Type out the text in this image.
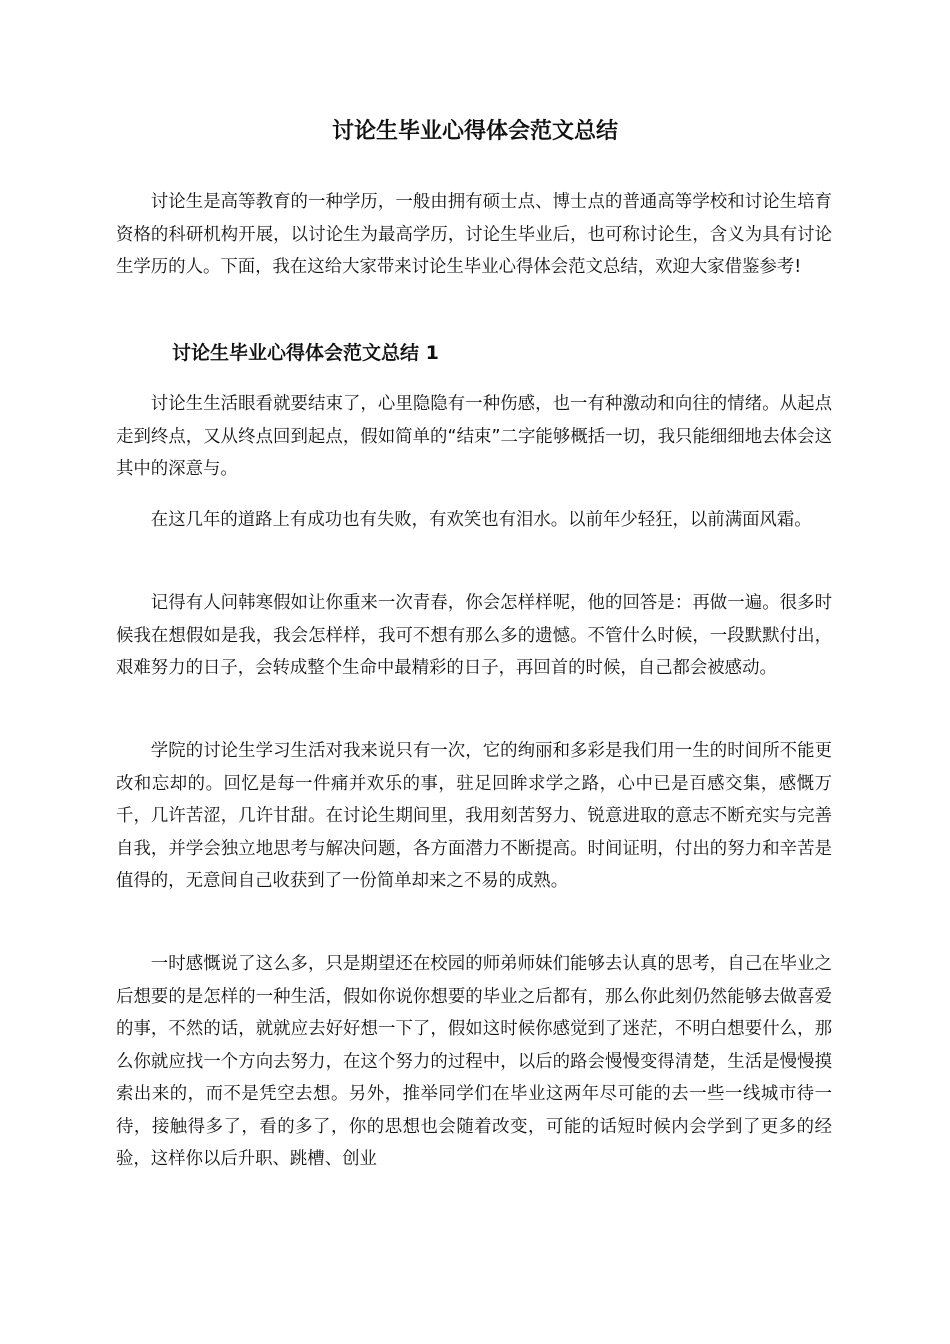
讨论生毕业心得体会范文总结

讨论生是高等教育的一种学历，一般由拥有硕士点、博士点的普通高等学校和讨论生培育资格的科研机构开展，以讨论生为最高学历，讨论生毕业后，也可称讨论生，含义为具有讨论生学历的人。下面，我在这给大家带来讨论生毕业心得体会范文总结，欢迎大家借鉴参考!

讨论生毕业心得体会范文总结 1

讨论生生活眼看就要结束了，心里隐隐有一种伤感，也一有种激动和向往的情绪。从起点走到终点，又从终点回到起点，假如简单的“结束”二字能够概括一切，我只能细细地去体会这其中的深意与。

在这几年的道路上有成功也有失败，有欢笑也有泪水。以前年少轻狂，以前满面风霜。

记得有人问韩寒假如让你重来一次青春，你会怎样样呢，他的回答是：再做一遍。很多时候我在想假如是我，我会怎样样，我可不想有那么多的遗憾。不管什么时候，一段默默付出，艰难努力的日子，会转成整个生命中最精彩的日子，再回首的时候，自己都会被感动。

学院的讨论生学习生活对我来说只有一次，它的绚丽和多彩是我们用一生的时间所不能更改和忘却的。回忆是每一件痛并欢乐的事，驻足回眸求学之路，心中已是百感交集，感慨万千，几许苦涩，几许甘甜。在讨论生期间里，我用刻苦努力、锐意进取的意志不断充实与完善自我，并学会独立地思考与解决问题，各方面潜力不断提高。时间证明，付出的努力和辛苦是值得的，无意间自己收获到了一份简单却来之不易的成熟。

一时感慨说了这么多，只是期望还在校园的师弟师妹们能够去认真的思考，自己在毕业之后想要的是怎样的一种生活，假如你说你想要的毕业之后都有，那么你此刻仍然能够去做喜爱的事，不然的话，就就应去好好想一下了，假如这时候你感觉到了迷茫，不明白想要什么，那么你就应找一个方向去努力，在这个努力的过程中，以后的路会慢慢变得清楚，生活是慢慢摸索出来的，而不是凭空去想。另外，推举同学们在毕业这两年尽可能的去一些一线城市待一待，接触得多了，看的多了，你的思想也会随着改变，可能的话短时候内会学到了更多的经验，这样你以后升职、跳槽、创业
